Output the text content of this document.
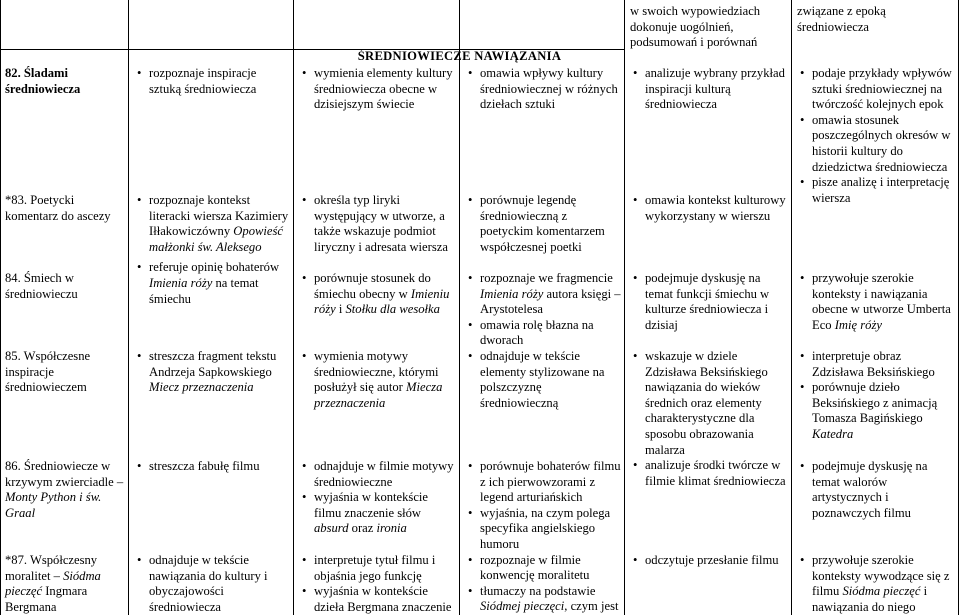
ŚREDNIOWIECZE NAWIĄZANIA
w swoich wypowiedziach
dokonuje uogólnień,
podsumowań i porównań
związane z epoką
średniowiecza
82. Śladami średniowiecza
*83. Poetycki komentarz do ascezy
84. Śmiech w średniowieczu
85. Współczesne inspiracje średniowieczem
86. Średniowiecze w krzywym zwierciadle – Monty Python i św. Graal
*87. Współczesny moralitet – Siódma pieczęć Ingmara Bergmana
• rozpoznaje inspiracje sztuką średniowiecza
• rozpoznaje kontekst literacki wiersza Kazimiery Iłłakowiczówny Opowieść małżonki św. Aleksego
• referuje opinię bohaterów Imienia róży na temat śmiechu
• streszcza fragment tekstu Andrzeja Sapkowskiego Miecz przeznaczenia
• streszcza fabułę filmu
• odnajduje w tekście nawiązania do kultury i obyczajowości średniowiecza
• wymienia elementy kultury średniowiecza obecne w dzisiejszym świecie
• określa typ liryki występujący w utworze, a także wskazuje podmiot liryczny i adresata wiersza
• porównuje stosunek do śmiechu obecny w Imieniu róży i Stołku dla wesołka
• wymienia motywy średniowieczne, którymi posłużył się autor Miecza przeznaczenia
• odnajduje w filmie motywy średniowieczne
• wyjaśnia w kontekście filmu znaczenie słów absurd oraz ironia
• interpretuje tytuł filmu i objaśnia jego funkcję
• wyjaśnia w kontekście dzieła Bergmana znaczenie
• omawia wpływy kultury średniowiecznej w różnych dziełach sztuki
• porównuje legendę średniowieczną z poetyckim komentarzem współczesnej poetki
• rozpoznaje we fragmencie Imienia róży autora księgi – Arystotelesa
• omawia rolę błazna na dworach
• odnajduje w tekście elementy stylizowane na polszczyznę średniowieczną
• porównuje bohaterów filmu z ich pierwowzorami z legend arturiańskich
• wyjaśnia, na czym polega specyfika angielskiego humoru
• rozpoznaje w filmie konwencję moralitetu
• tłumaczy na podstawie Siódmej pieczęci, czym jest
• analizuje wybrany przykład inspiracji kulturą średniowiecza
• omawia kontekst kulturowy wykorzystany w wierszu
• podejmuje dyskusję na temat funkcji śmiechu w kulturze średniowiecza i dzisiaj
• wskazuje w dziele Zdzisława Beksińskiego nawiązania do wieków średnich oraz elementy charakterystyczne dla sposobu obrazowania malarza
• analizuje środki twórcze w filmie klimat średniowiecza
• odczytuje przesłanie filmu
• podaje przykłady wpływów sztuki średniowiecznej na twórczość kolejnych epok
• omawia stosunek poszczególnych okresów w historii kultury do dziedzictwa średniowiecza
• pisze analizę i interpretację wiersza
• przywołuje szerokie konteksty i nawiązania obecne w utworze Umberta Eco Imię róży
• interpretuje obraz Zdzisława Beksińskiego
• porównuje dzieło Beksińskiego z animacją Tomasza Bagińskiego Katedra
• podejmuje dyskusję na temat walorów artystycznych i poznawczych filmu
• przywołuje szerokie konteksty wywodzące się z filmu Siódma pieczęć i nawiązania do niego
